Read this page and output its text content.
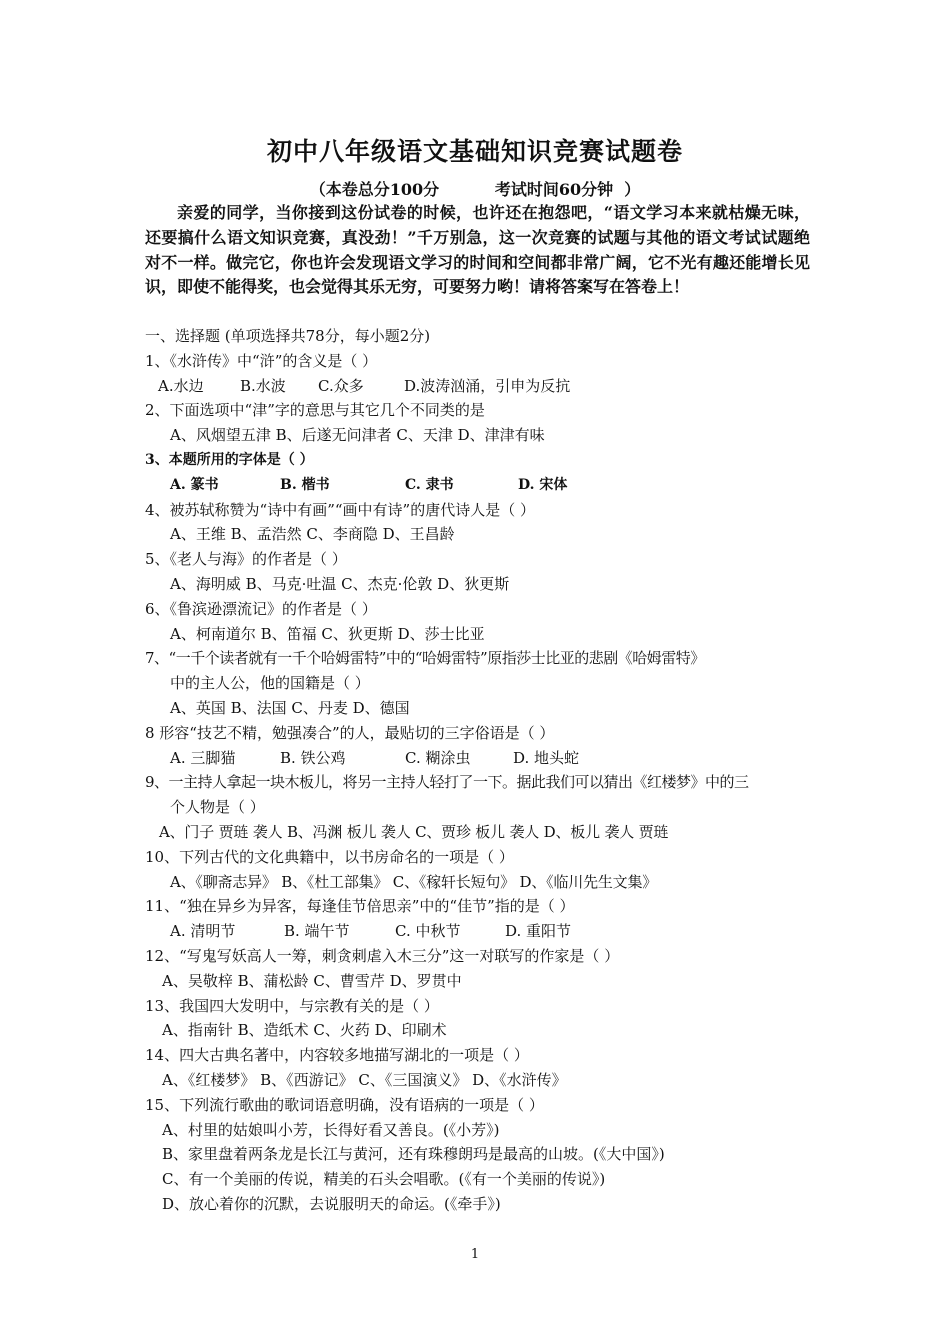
初中八年级语文基础知识竞赛试题卷
（本卷总分100分          考试时间60分钟  ）
亲爱的同学，当你接到这份试卷的时候，也许还在抱怨吧，“语文学习本来就枯燥无味，还要搞什么语文知识竞赛，真没劲！”千万别急，这一次竞赛的试题与其他的语文考试试题绝对不一样。做完它，你也许会发现语文学习的时间和空间都非常广阔，它不光有趣还能增长见识，即使不能得奖，也会觉得其乐无穷，可要努力哟！请将答案写在答卷上！
一、选择题 (单项选择共78分，每小题2分)
1、《水浒传》中“浒”的含义是（ ）
A.水边 B.水波 C.众多	D.波涛汹涌，引申为反抗
2、下面选项中“津”字的意思与其它几个不同类的是
A、风烟望五津 B、后遂无问津者 C、天津 D、津津有味
3、本题所用的字体是（ ）
A. 篆书	B. 楷书	C. 隶书	D. 宋体
4、被苏轼称赞为“诗中有画”“画中有诗”的唐代诗人是（ ）
A、王维 B、孟浩然 C、李商隐 D、王昌龄
5、《老人与海》的作者是（ ）
A、海明威 B、马克·吐温 C、杰克·伦敦 D、狄更斯
6、《鲁滨逊漂流记》的作者是（ ）
A、柯南道尔 B、笛福 C、狄更斯 D、莎士比亚
7、“一千个读者就有一千个哈姆雷特”中的“哈姆雷特”原指莎士比亚的悲剧《哈姆雷特》
中的主人公，他的国籍是（ ）
A、英国 B、法国 C、丹麦 D、德国
8 形容“技艺不精，勉强凑合”的人，最贴切的三字俗语是（ ）
A. 三脚猫	B. 铁公鸡	C. 糊涂虫	D. 地头蛇
9、一主持人拿起一块木板儿，将另一主持人轻打了一下。据此我们可以猜出《红楼梦》中的三
个人物是（ ）
A、门子 贾琏 袭人 B、冯渊 板儿 袭人 C、贾珍 板儿 袭人 D、板儿 袭人 贾琏
10、下列古代的文化典籍中，以书房命名的一项是（ ）
A、《聊斋志异》 B、《杜工部集》 C、《稼轩长短句》 D、《临川先生文集》
11、“独在异乡为异客，每逢佳节倍思亲”中的“佳节”指的是（ ）
A. 清明节	B. 端午节	C. 中秋节	D. 重阳节
12、“写鬼写妖高人一筹，刺贪刺虐入木三分”这一对联写的作家是（ ）
A、吴敬梓 B、蒲松龄 C、曹雪芹 D、罗贯中
13、我国四大发明中，与宗教有关的是（ ）
A、指南针 B、造纸术 C、火药 D、印刷术
14、四大古典名著中，内容较多地描写湖北的一项是（ ）
A、《红楼梦》 B、《西游记》 C、《三国演义》 D、《水浒传》
15、下列流行歌曲的歌词语意明确，没有语病的一项是（ ）
A、村里的姑娘叫小芳，长得好看又善良。(《小芳》)
B、家里盘着两条龙是长江与黄河，还有珠穆朗玛是最高的山坡。(《大中国》)
C、有一个美丽的传说，精美的石头会唱歌。(《有一个美丽的传说》)
D、放心着你的沉默，去说服明天的命运。(《牵手》)
1
